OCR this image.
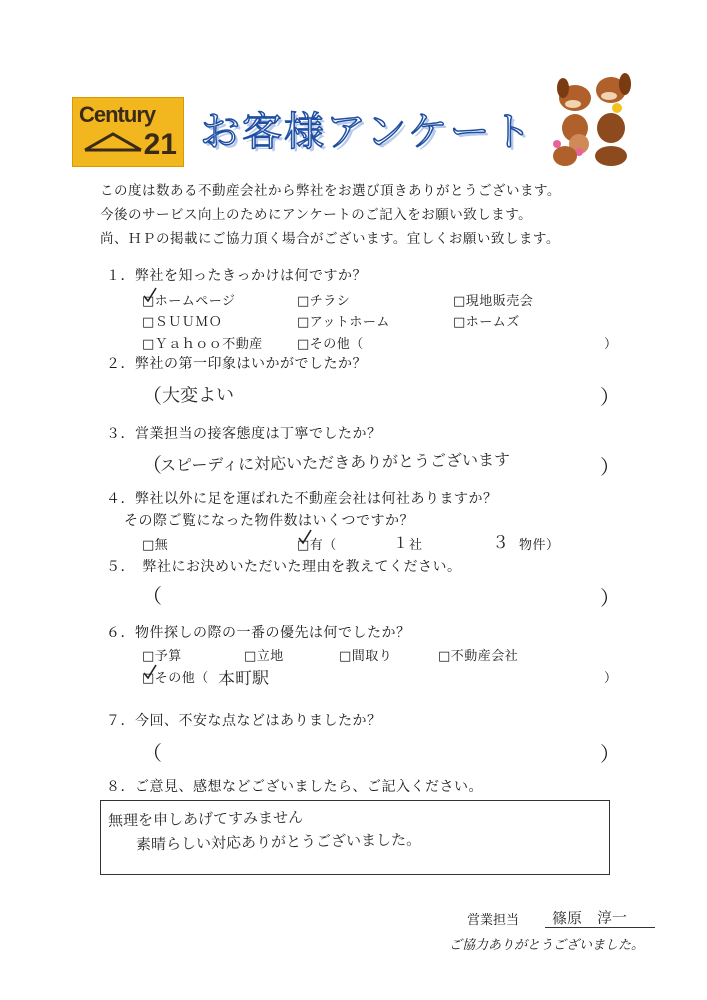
Century
21 お客様アンケート
この度は数ある不動産会社から弊社をお選び頂きありがとうございます。
今後のサービス向上のためにアンケートのご記入をお願い致します。
尚、ＨＰの掲載にご協力頂く場合がございます。宜しくお願い致します。
１．弊社を知ったきっかけは何ですか？
□ホームページ	□チラシ	□現地販売会
□ＳＵＵＭＯ	□アットホーム	□ホームズ
□Ｙａｈｏｏ不動産	□その他（	）
２．弊社の第一印象はいかがでしたか？
（ 大変よい	）
３．営業担当の接客態度は丁寧でしたか？
（
スピーディに対応いただきありがとうございます	）
４．弊社以外に足を運ばれた不動産会社は何社ありますか？
その際ご覧になった物件数はいくつですか？
□無	□有（	１ 社	３ 物件）
５．　弊社にお決めいただいた理由を教えてください。
（	）
６．物件探しの際の一番の優先は何でしたか？
□予算	□立地	□間取り	□不動産会社
□その他（ 本町駅	）
７．今回、不安な点などはありましたか？
（	）
８．ご意見、感想などございましたら、ご記入ください。
無理を申しあげてすみません
素晴らしい対応ありがとうございました。
営業担当 篠原　淳一
ご協力ありがとうございました。
